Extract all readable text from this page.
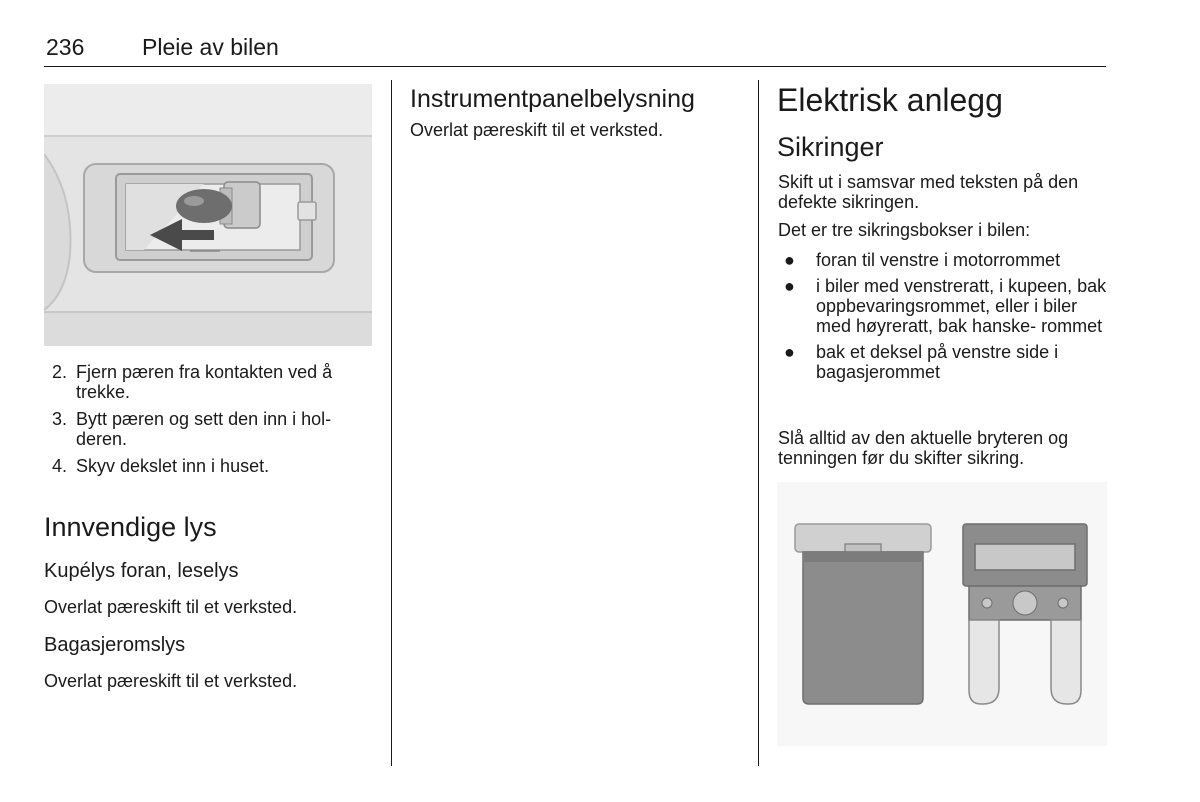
236	Pleie av bilen
2. Fjern pæren fra kontakten ved å trekke.
3. Bytt pæren og sett den inn i hol- deren.
4. Skyv dekslet inn i huset.
Innvendige lys
Kupélys foran, leselys
Overlat pæreskift til et verksted.
Bagasjeromslys
Overlat pæreskift til et verksted.
Instrumentpanelbelysning
Overlat pæreskift til et verksted.
Elektrisk anlegg
Sikringer
Skift ut i samsvar med teksten på den defekte sikringen.
Det er tre sikringsbokser i bilen:
● foran til venstre i motorrommet
● i biler med venstreratt, i kupeen, bak oppbevaringsrommet, eller i biler med høyreratt, bak hanske- rommet
● bak et deksel på venstre side i bagasjerommet
Slå alltid av den aktuelle bryteren og tenningen før du skifter sikring.
